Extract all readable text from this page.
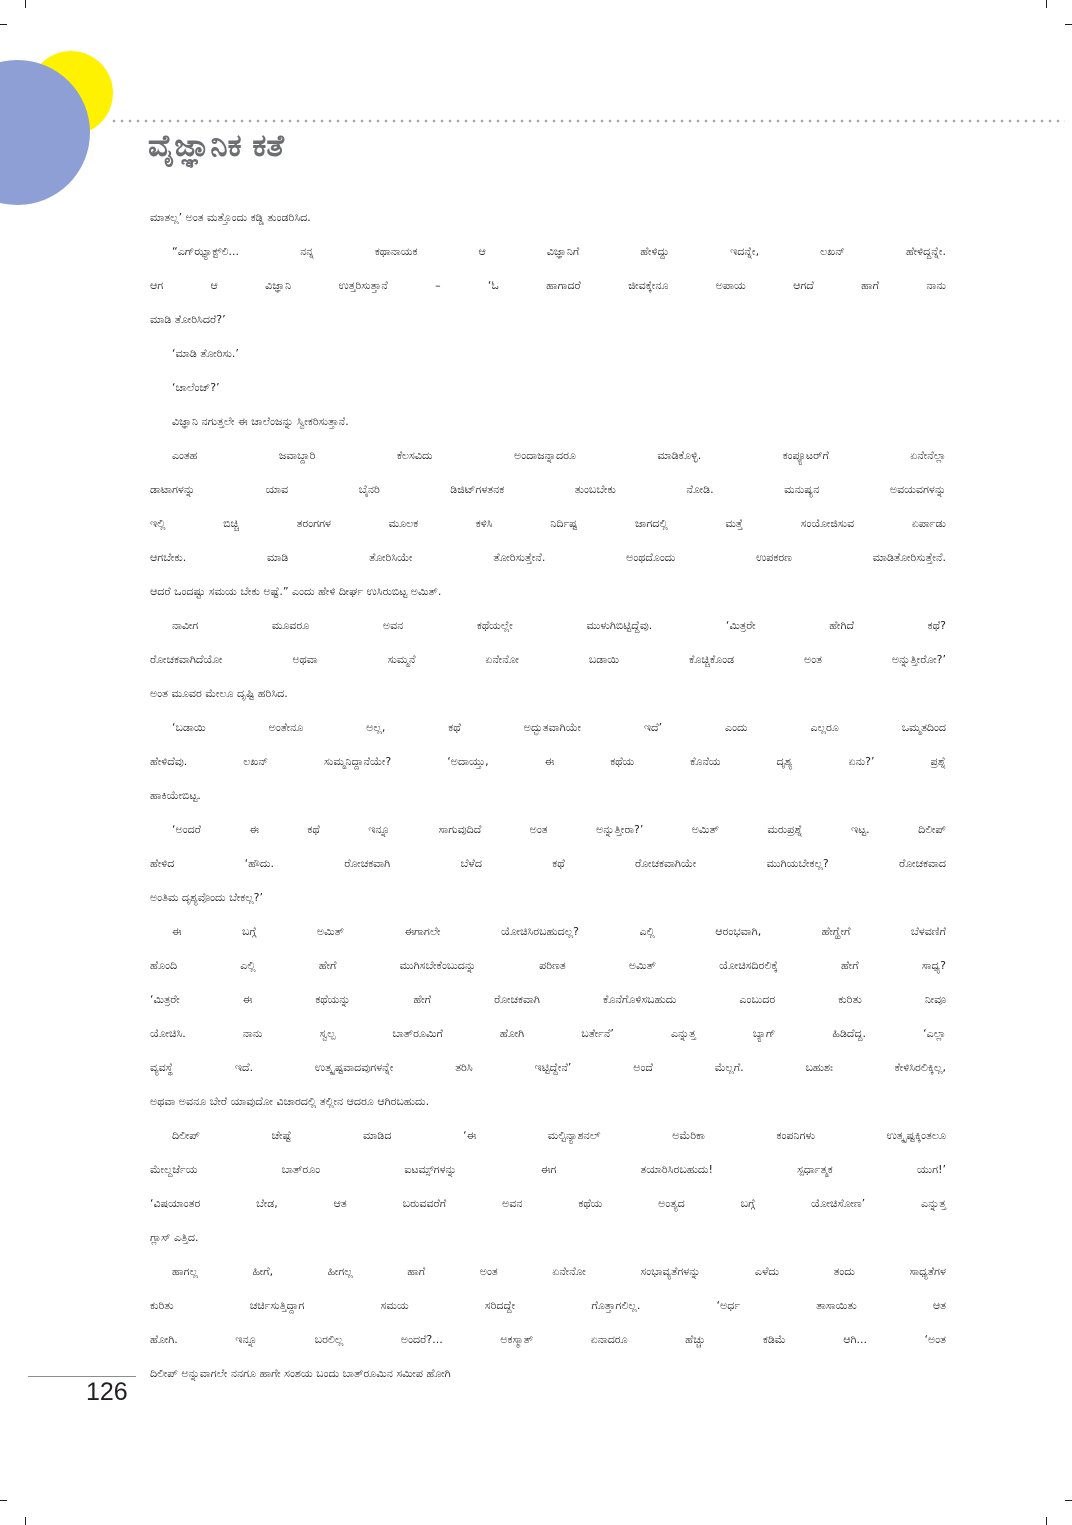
ವೈಜ್ಞಾನಿಕ ಕತೆ
ಮಾತಲ್ಲ’ ಅಂತ ಮತ್ತೊಂದು ಕಡ್ಡಿ ತುಂಡರಿಸಿದ.
“ಎಗ್‌ಝ್ಯಾಕ್ಟ್‌ಲಿ... ನನ್ನ ಕಥಾನಾಯಕ ಆ ವಿಜ್ಞಾನಿಗೆ ಹೇಳಿದ್ದು ಇದನ್ನೇ, ಲಖನ್ ಹೇಳಿದ್ದನ್ನೇ.
ಆಗ ಆ ವಿಜ್ಞಾನಿ ಉತ್ತರಿಸುತ್ತಾನೆ – ‘ಓ ಹಾಗಾದರೆ ಜೀವಕ್ಕೇನೂ ಅಪಾಯ ಆಗದೆ ಹಾಗೆ ನಾನು
ಮಾಡಿ ತೋರಿಸಿದರೆ?’
‘ಮಾಡಿ ತೋರಿಸು.’
‘ಚಾಲೆಂಜ್?’
ವಿಜ್ಞಾನಿ ನಗುತ್ತಲೇ ಈ ಚಾಲೆಂಜನ್ನು ಸ್ವೀಕರಿಸುತ್ತಾನೆ.
ಎಂತಹ ಜವಾಬ್ದಾರಿ ಕೆಲಸವಿದು ಅಂದಾಜನ್ನಾದರೂ ಮಾಡಿಕೊಳ್ಳಿ. ಕಂಪ್ಯೂಟರ್‌ಗೆ ಏನೇನೆಲ್ಲಾ
ಡಾಟಾಗಳನ್ನು ಯಾವ ಬೈನರಿ ಡಿಜಿಟ್‌ಗಳತನಕ ತುಂಬಬೇಕು ನೋಡಿ. ಮನುಷ್ಯನ ಅವಯವಗಳನ್ನು
ಇಲ್ಲಿ ಬಿಚ್ಚಿ ತರಂಗಗಳ ಮೂಲಕ ಕಳಿಸಿ ನಿರ್ದಿಷ್ಟ ಜಾಗದಲ್ಲಿ ಮತ್ತೆ ಸಂಯೋಜಿಸುವ ಏರ್ಪಾಡು
ಆಗಬೇಕು. ಮಾಡಿ ತೋರಿಸಿಯೇ ತೋರಿಸುತ್ತೇನೆ. ಅಂಥದೊಂದು ಉಪಕರಣ ಮಾಡಿತೋರಿಸುತ್ತೇನೆ.
ಆದರೆ ಒಂದಷ್ಟು ಸಮಯ ಬೇಕು ಅಷ್ಟೆ.” ಎಂದು ಹೇಳಿ ದೀರ್ಘ ಉಸಿರುಬಿಟ್ಟ ಅಮಿತ್.
ನಾವೀಗ ಮೂವರೂ ಅವನ ಕಥೆಯಲ್ಲೇ ಮುಳುಗಿಬಿಟ್ಟಿದ್ದೆವು. ‘ಮಿತ್ರರೇ ಹೇಗಿದೆ ಕಥೆ?
ರೋಚಕವಾಗಿದೆಯೋ ಅಥವಾ ಸುಮ್ಮನೆ ಏನೇನೋ ಬಡಾಯಿ ಕೊಚ್ಚಿಕೊಂಡ ಅಂತ ಅನ್ನುತ್ತೀರೋ?’
ಅಂತ ಮೂವರ ಮೇಲೂ ದೃಷ್ಟಿ ಹರಿಸಿದ.
‘ಬಡಾಯಿ ಅಂತೇನೂ ಅಲ್ಲ, ಕಥೆ ಅದ್ಭುತವಾಗಿಯೇ ಇದೆ’ ಎಂದು ಎಲ್ಲರೂ ಒಮ್ಮತದಿಂದ
ಹೇಳಿದೆವು. ಲಖನ್ ಸುಮ್ಮನಿದ್ದಾನೆಯೇ? ‘ಅದಾಯ್ತು, ಈ ಕಥೆಯ ಕೊನೆಯ ದೃಶ್ಯ ಏನು?’ ಪ್ರಶ್ನೆ
ಹಾಕಿಯೇಬಿಟ್ಟ.
‘ಅಂದರೆ ಈ ಕಥೆ ಇನ್ನೂ ಸಾಗುವುದಿದೆ ಅಂತ ಅನ್ನುತ್ತೀರಾ?’ ಅಮಿತ್ ಮರುಪ್ರಶ್ನೆ ಇಟ್ಟ. ದಿಲೀಪ್
ಹೇಳಿದ ‘ಹೌದು. ರೋಚಕವಾಗಿ ಬೆಳೆದ ಕಥೆ ರೋಚಕವಾಗಿಯೇ ಮುಗಿಯಬೇಕಲ್ಲ? ರೋಚಕವಾದ
ಅಂತಿಮ ದೃಶ್ಯವೊಂದು ಬೇಕಲ್ಲ?’
ಈ ಬಗ್ಗೆ ಅಮಿತ್ ಈಗಾಗಲೇ ಯೋಚಿಸಿರಬಹುದಲ್ಲ? ಎಲ್ಲಿ ಆರಂಭವಾಗಿ, ಹೇಗ್ಹೇಗೆ ಬೆಳವಣಿಗೆ
ಹೊಂದಿ ಎಲ್ಲಿ ಹೇಗೆ ಮುಗಿಸಬೇಕೆಂಬುದನ್ನು ಪರಿಣತ ಅಮಿತ್ ಯೋಚಿಸದಿರಲಿಕ್ಕೆ ಹೇಗೆ ಸಾಧ್ಯ?
‘ಮಿತ್ರರೇ ಈ ಕಥೆಯನ್ನು ಹೇಗೆ ರೋಚಕವಾಗಿ ಕೊನೆಗೊಳಿಸಬಹುದು ಎಂಬುದರ ಕುರಿತು ನೀವೂ
ಯೋಚಿಸಿ. ನಾನು ಸ್ವಲ್ಪ ಬಾತ್‌ರೂಮಿಗೆ ಹೋಗಿ ಬರ್ತೇನೆ’ ಎನ್ನುತ್ತ ಬ್ಯಾಗ್ ಹಿಡಿದೆದ್ದ. ‘ಎಲ್ಲಾ
ವ್ಯವಸ್ಥೆ ಇದೆ. ಉತ್ಕೃಷ್ಟವಾದವುಗಳನ್ನೇ ತರಿಸಿ ಇಟ್ಟಿದ್ದೇನೆ’ ಅಂದೆ ಮೆಲ್ಲಗೆ. ಬಹುಶಃ ಕೇಳಿಸಿರಲಿಕ್ಕಿಲ್ಲ,
ಅಥವಾ ಅವನೂ ಬೇರೆ ಯಾವುದೋ ವಿಚಾರದಲ್ಲಿ ತಲ್ಲೀನ ಆದರೂ ಆಗಿರಬಹುದು.
ದಿಲೀಪ್ ಚೇಷ್ಟೆ ಮಾಡಿದ ‘ಈ ಮಲ್ಟಿನ್ಯಾಶನಲ್ ಅಮೆರಿಕಾ ಕಂಪನಿಗಳು ಉತ್ಕೃಷ್ಟಕ್ಕಿಂತಲೂ
ಮೇಲ್ದರ್ಜೆಯ ಬಾತ್‌ರೂಂ ಐಟಮ್ಸ್‌ಗಳನ್ನು ಈಗ ತಯಾರಿಸಿರಬಹುದು! ಸ್ಪರ್ಧಾತ್ಮಕ ಯುಗ!’
‘ವಿಷಯಾಂತರ ಬೇಡ, ಆತ ಬರುವವರೆಗೆ ಅವನ ಕಥೆಯ ಅಂತ್ಯದ ಬಗ್ಗೆ ಯೋಚಿಸೋಣ’ ಎನ್ನುತ್ತ
ಗ್ಲಾಸ್ ಎತ್ತಿದ.
ಹಾಗಲ್ಲ ಹೀಗೆ, ಹೀಗಲ್ಲ ಹಾಗೆ ಅಂತ ಏನೇನೋ ಸಂಭಾವ್ಯತೆಗಳನ್ನು ಎಳೆದು ತಂದು ಸಾಧ್ಯತೆಗಳ
ಕುರಿತು ಚರ್ಚಿಸುತ್ತಿದ್ದಾಗ ಸಮಯ ಸರಿದದ್ದೇ ಗೊತ್ತಾಗಲಿಲ್ಲ. ‘ಅರ್ಧ ತಾಸಾಯಿತು ಆತ
ಹೋಗಿ. ಇನ್ನೂ ಬರಲಿಲ್ಲ ಅಂದರೆ?... ಅಕಸ್ಮಾತ್ ಏನಾದರೂ ಹೆಚ್ಚು ಕಡಿಮೆ ಆಗಿ... ‘ಅಂತ
ದಿಲೀಪ್ ಅನ್ನುವಾಗಲೇ ನನಗೂ ಹಾಗೇ ಸಂಶಯ ಬಂದು ಬಾತ್‌ರೂಮಿನ ಸಮೀಪ ಹೋಗಿ
126
